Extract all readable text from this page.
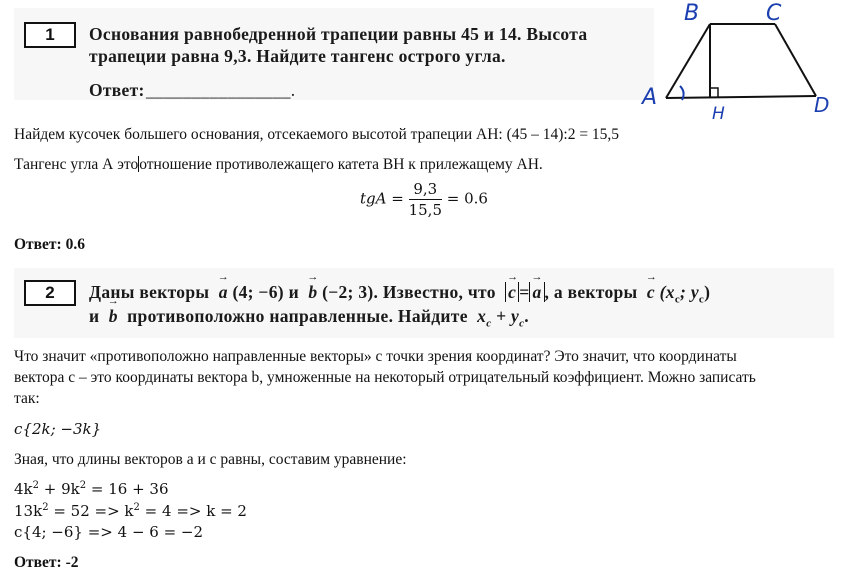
1	Основания равнобедренной трапеции равны 45 и 14. Высота
трапеции равна 9,3. Найдите тангенс острого угла.
Ответ: ________________.
B	C
A
H	D
Найдем кусочек большего основания, отсекаемого высотой трапеции AH: (45 – 14):2 = 15,5
Тангенс угла А этоотношение противолежащего катета BH к прилежащему AH.
tgA = $\frac{9,3}{15,5} = 0.6$
Ответ: 0.6
2	Даны векторы → a (4; −6) и → b (−2; 3). Известно, что → c = → a , а векторы → c ($x_c$; $y_c$)
и → b противоположно направленные. Найдите $x_c + y_c$.
Что значит «противоположно направленные векторы» с точки зрения координат? Это значит, что координаты
вектора с – это координаты вектора b, умноженные на некоторый отрицательный коэффициент. Можно записать
так:
c{2k; −3k}
Зная, что длины векторов а и с равны, составим уравнение:
$4k^2 + 9k^2 = 16 + 36$
$13k^2 = 52 => k^2 = 4 => k = 2$
c{4; −6} => 4 − 6 = −2
Ответ: -2
